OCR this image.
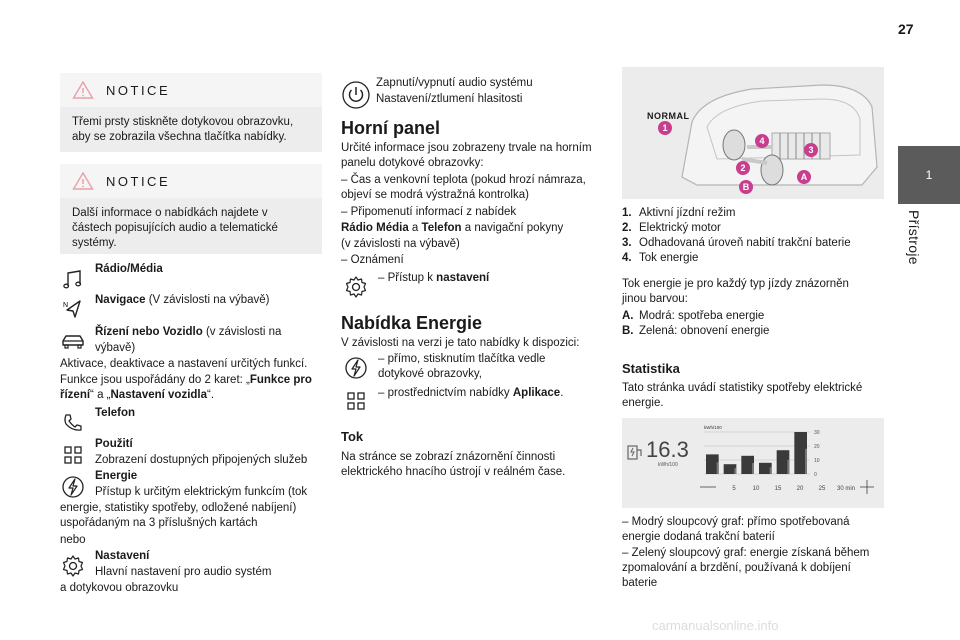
27
1
Přístroje
NOTICE
Třemi prsty stiskněte dotykovou obrazovku, aby se zobrazila všechna tlačítka nabídky.
NOTICE
Další informace o nabídkách najdete v částech popisujících audio a telematické systémy.
Rádio/Média
N Navigace (V závislosti na výbavě)
Řízení nebo Vozidlo (v závislosti na
výbavě)
Aktivace, deaktivace a nastavení určitých funkcí.
Funkce jsou uspořádány do 2 karet: „Funkce pro řízení“ a „Nastavení vozidla“.
Telefon
Použití
Zobrazení dostupných připojených služeb
Energie
Přístup k určitým elektrickým funkcím (tok
energie, statistiky spotřeby, odložené nabíjení) uspořádaným na 3 příslušných kartách
nebo
Nastavení
Hlavní nastavení pro audio systém
a dotykovou obrazovku
Zapnutí/vypnutí audio systému
Nastavení/ztlumení hlasitosti
Horní panel
Určité informace jsou zobrazeny trvale na horním panelu dotykové obrazovky:
– Čas a venkovní teplota (pokud hrozí námraza, objeví se modrá výstražná kontrolka)
– Připomenutí informací z nabídek
Rádio Média a Telefon a navigační pokyny
(v závislosti na výbavě)
– Oznámení
– Přístup k nastavení
Nabídka Energie
V závislosti na verzi je tato nabídky k dispozici:
– přímo, stisknutím tlačítka vedle dotykové obrazovky,
– prostřednictvím nabídky Aplikace.
Tok
Na stránce se zobrazí znázornění činnosti elektrického hnacího ústrojí v reálném čase.
NORMAL
1
4
3
2
A
B
1. Aktivní jízdní režim
2. Elektrický motor
3. Odhadovaná úroveň nabití trakční baterie
4. Tok energie
Tok energie je pro každý typ jízdy znázorněn jinou barvou:
A. Modrá: spotřeba energie
B. Zelená: obnovení energie
Statistika
Tato stránka uvádí statistiky spotřeby elektrické energie.
16.3
kWh/100
30
20
10
0
kWh/100
5	10	15	20	25 30 min
– Modrý sloupcový graf: přímo spotřebovaná energie dodaná trakční baterií
– Zelený sloupcový graf: energie získaná během zpomalování a brzdění, používaná k dobíjení baterie
carmanualsonline.info
